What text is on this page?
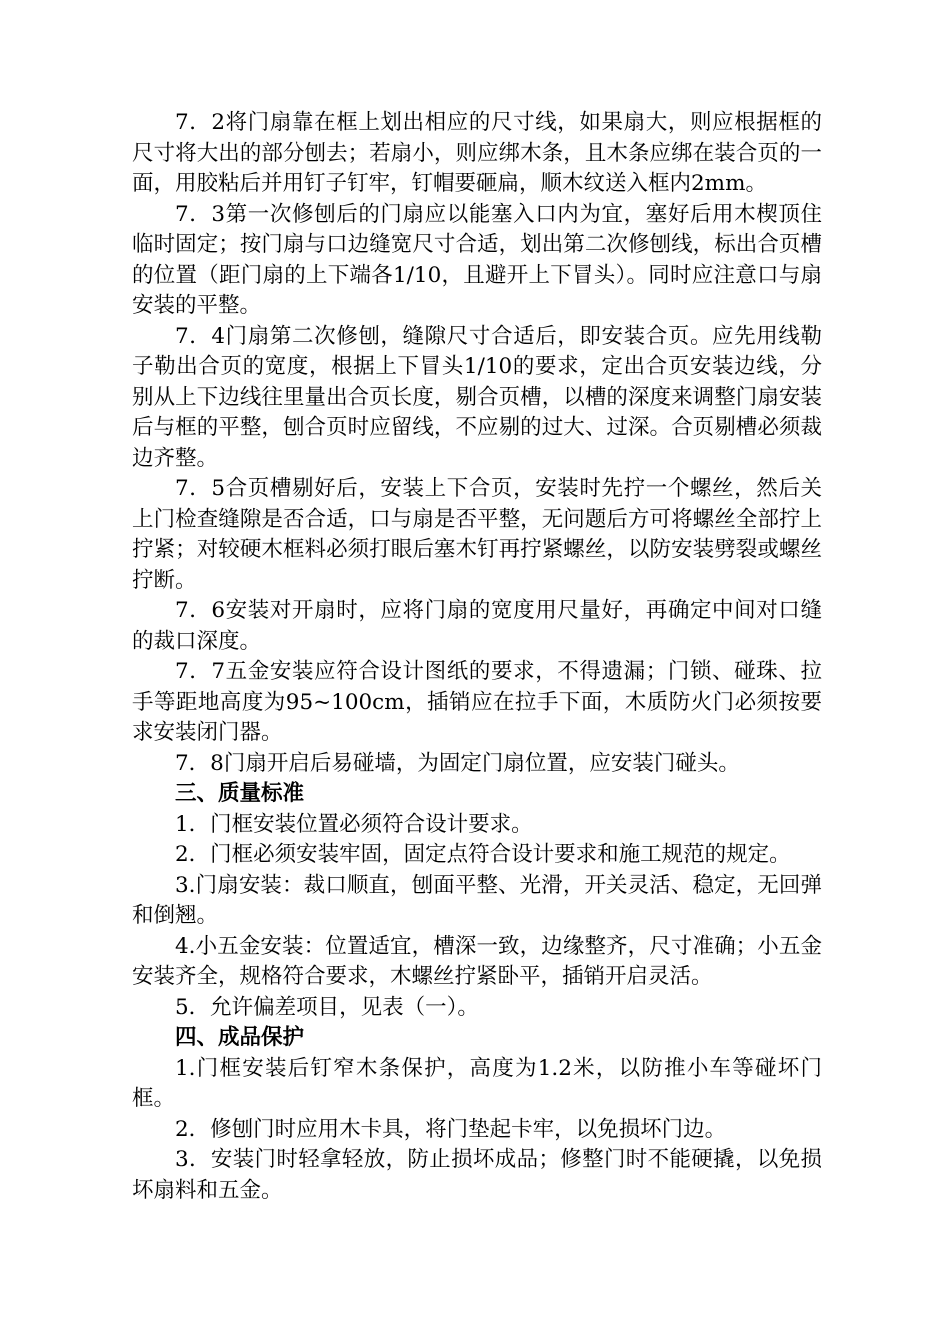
7．2将门扇靠在框上划出相应的尺寸线，如果扇大，则应根据框的尺寸将大出的部分刨去；若扇小，则应绑木条，且木条应绑在装合页的一面，用胶粘后并用钉子钉牢，钉帽要砸扁，顺木纹送入框内2mm。

7．3第一次修刨后的门扇应以能塞入口内为宜，塞好后用木楔顶住临时固定；按门扇与口边缝宽尺寸合适，划出第二次修刨线，标出合页槽的位置（距门扇的上下端各1/10，且避开上下冒头）。同时应注意口与扇安装的平整。

7．4门扇第二次修刨，缝隙尺寸合适后，即安装合页。应先用线勒子勒出合页的宽度，根据上下冒头1/10的要求，定出合页安装边线，分别从上下边线往里量出合页长度，剔合页槽，以槽的深度来调整门扇安装后与框的平整，刨合页时应留线，不应剔的过大、过深。合页剔槽必须裁边齐整。

7．5合页槽剔好后，安装上下合页，安装时先拧一个螺丝，然后关上门检查缝隙是否合适，口与扇是否平整，无问题后方可将螺丝全部拧上拧紧；对较硬木框料必须打眼后塞木钉再拧紧螺丝，以防安装劈裂或螺丝拧断。

7．6安装对开扇时，应将门扇的宽度用尺量好，再确定中间对口缝的裁口深度。

7．7五金安装应符合设计图纸的要求，不得遗漏；门锁、碰珠、拉手等距地高度为95~100cm，插销应在拉手下面，木质防火门必须按要求安装闭门器。

7．8门扇开启后易碰墙，为固定门扇位置，应安装门碰头。

三、质量标准

1．门框安装位置必须符合设计要求。

2．门框必须安装牢固，固定点符合设计要求和施工规范的规定。

3.门扇安装：裁口顺直，刨面平整、光滑，开关灵活、稳定，无回弹和倒翘。

4.小五金安装：位置适宜，槽深一致，边缘整齐，尺寸准确；小五金安装齐全，规格符合要求，木螺丝拧紧卧平，插销开启灵活。

5．允许偏差项目，见表（一）。

四、成品保护

1.门框安装后钉窄木条保护，高度为1.2米，以防推小车等碰坏门框。

2．修刨门时应用木卡具，将门垫起卡牢，以免损坏门边。

3．安装门时轻拿轻放，防止损坏成品；修整门时不能硬撬，以免损坏扇料和五金。
